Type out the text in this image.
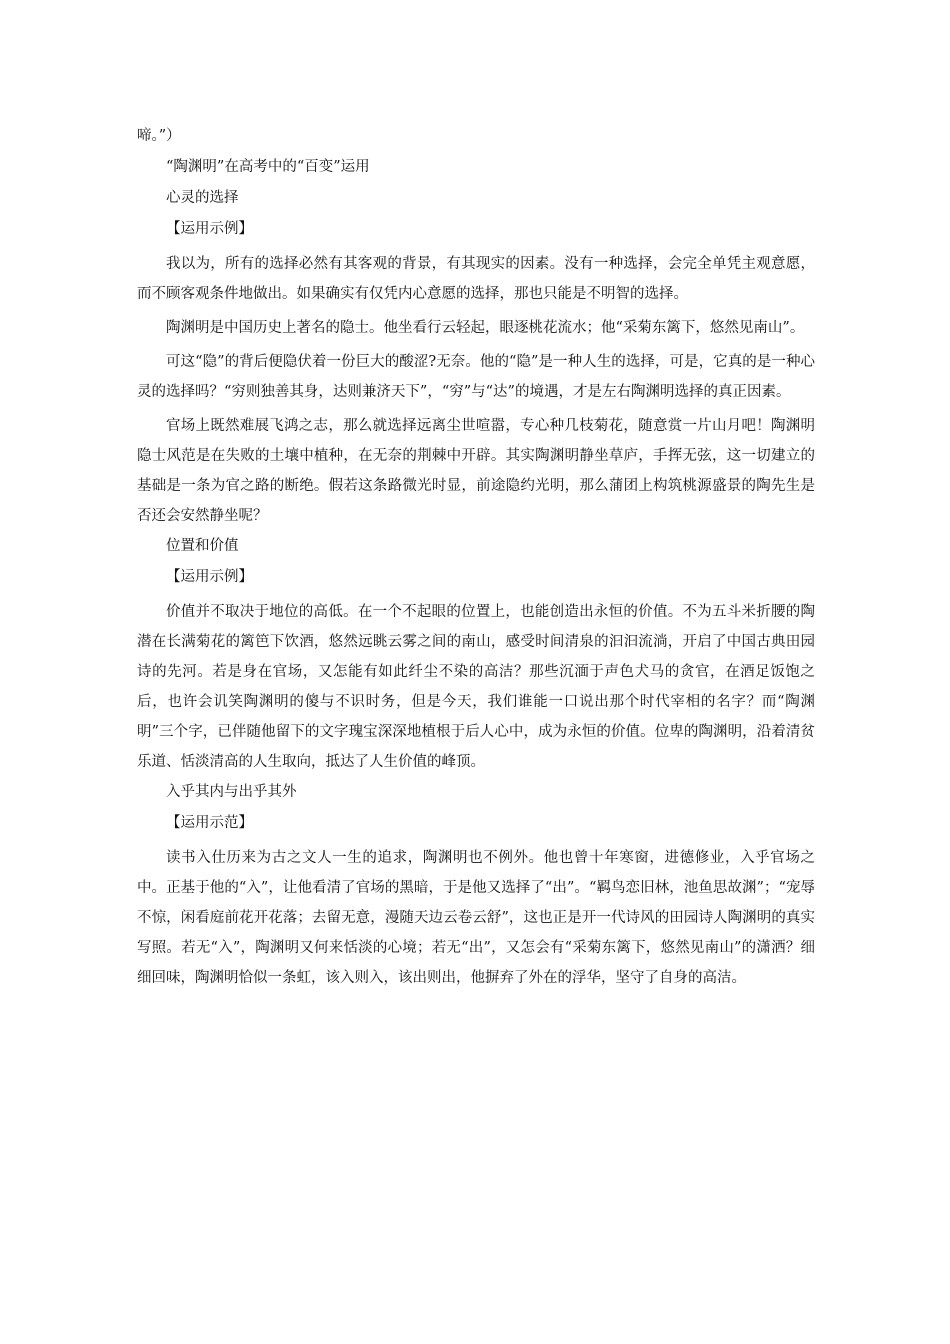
啼。”）

“陶渊明”在高考中的“百变”运用

心灵的选择

【运用示例】

我以为，所有的选择必然有其客观的背景，有其现实的因素。没有一种选择，会完全单凭主观意愿，而不顾客观条件地做出。如果确实有仅凭内心意愿的选择，那也只能是不明智的选择。

陶渊明是中国历史上著名的隐士。他坐看行云轻起，眼逐桃花流水；他“采菊东篱下，悠然见南山”。

可这“隐”的背后便隐伏着一份巨大的酸涩?无奈。他的“隐”是一种人生的选择，可是，它真的是一种心灵的选择吗？“穷则独善其身，达则兼济天下”，“穷”与“达”的境遇，才是左右陶渊明选择的真正因素。

官场上既然难展飞鸿之志，那么就选择远离尘世喧嚣，专心种几枝菊花，随意赏一片山月吧！陶渊明隐士风范是在失败的土壤中植种，在无奈的荆棘中开辟。其实陶渊明静坐草庐，手挥无弦，这一切建立的基础是一条为官之路的断绝。假若这条路微光时显，前途隐约光明，那么蒲团上构筑桃源盛景的陶先生是否还会安然静坐呢？

位置和价值

【运用示例】

价值并不取决于地位的高低。在一个不起眼的位置上，也能创造出永恒的价值。不为五斗米折腰的陶潜在长满菊花的篱笆下饮酒，悠然远眺云雾之间的南山，感受时间清泉的汩汩流淌，开启了中国古典田园诗的先河。若是身在官场，又怎能有如此纤尘不染的高洁？那些沉湎于声色犬马的贪官，在酒足饭饱之后，也许会讥笑陶渊明的傻与不识时务，但是今天，我们谁能一口说出那个时代宰相的名字？而“陶渊明”三个字，已伴随他留下的文字瑰宝深深地植根于后人心中，成为永恒的价值。位卑的陶渊明，沿着清贫乐道、恬淡清高的人生取向，抵达了人生价值的峰顶。

入乎其内与出乎其外

【运用示范】

读书入仕历来为古之文人一生的追求，陶渊明也不例外。他也曾十年寒窗，进德修业，入乎官场之中。正基于他的“入”，让他看清了官场的黑暗，于是他又选择了“出”。“羁鸟恋旧林，池鱼思故渊”；“宠辱不惊，闲看庭前花开花落；去留无意，漫随天边云卷云舒”，这也正是开一代诗风的田园诗人陶渊明的真实写照。若无“入”，陶渊明又何来恬淡的心境；若无“出”，又怎会有“采菊东篱下，悠然见南山”的潇洒？细细回味，陶渊明恰似一条虹，该入则入，该出则出，他摒弃了外在的浮华，坚守了自身的高洁。
